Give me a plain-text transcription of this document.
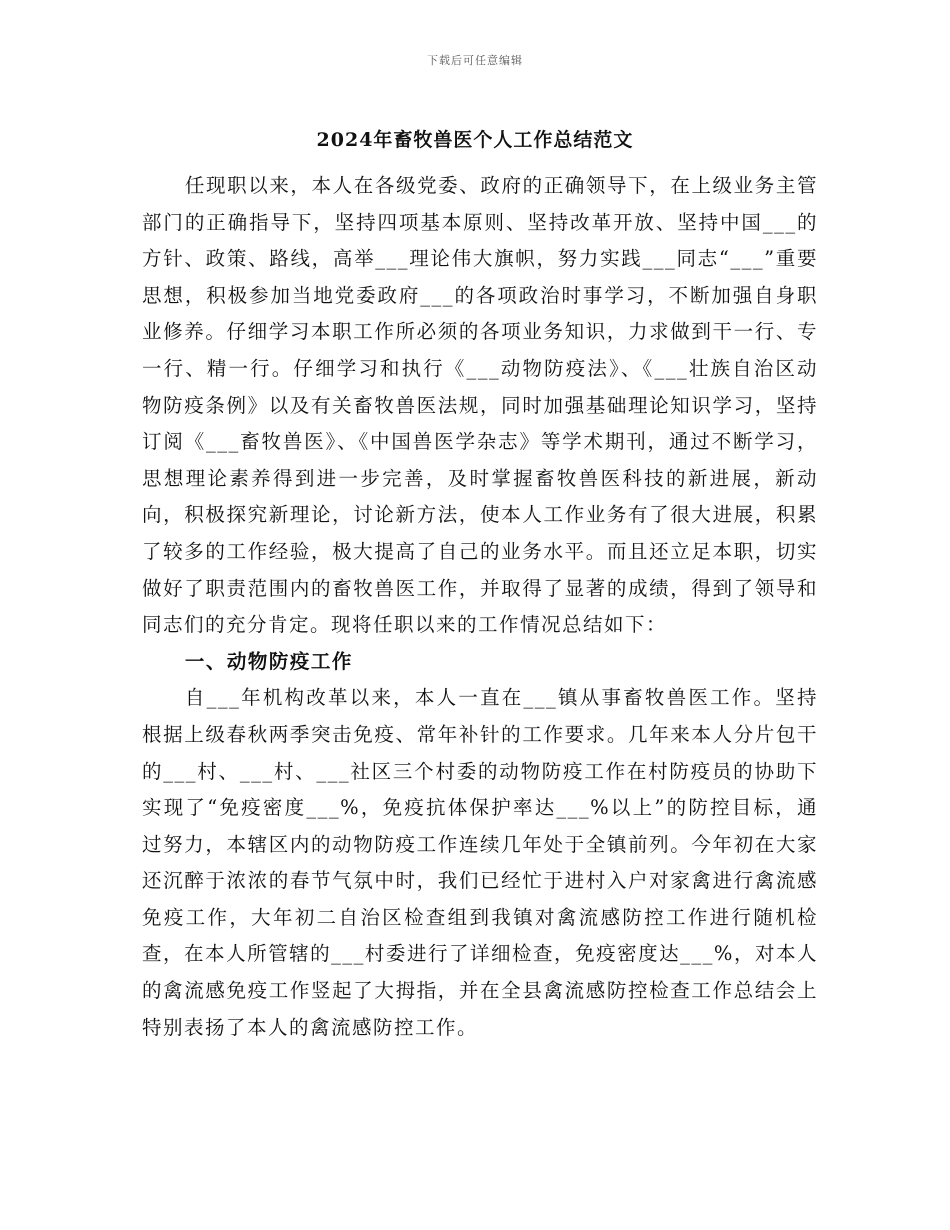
下载后可任意编辑
2024年畜牧兽医个人工作总结范文

任现职以来，本人在各级党委、政府的正确领导下，在上级业务主管部门的正确指导下，坚持四项基本原则、坚持改革开放、坚持中国___的方针、政策、路线，高举___理论伟大旗帜，努力实践___同志“___”重要思想，积极参加当地党委政府___的各项政治时事学习，不断加强自身职业修养。仔细学习本职工作所必须的各项业务知识，力求做到干一行、专一行、精一行。仔细学习和执行《___动物防疫法》、《___壮族自治区动物防疫条例》以及有关畜牧兽医法规，同时加强基础理论知识学习，坚持订阅《___畜牧兽医》、《中国兽医学杂志》等学术期刊，通过不断学习，思想理论素养得到进一步完善，及时掌握畜牧兽医科技的新进展，新动向，积极探究新理论，讨论新方法，使本人工作业务有了很大进展，积累了较多的工作经验，极大提高了自己的业务水平。而且还立足本职，切实做好了职责范围内的畜牧兽医工作，并取得了显著的成绩，得到了领导和同志们的充分肯定。现将任职以来的工作情况总结如下：

一、动物防疫工作

自___年机构改革以来，本人一直在___镇从事畜牧兽医工作。坚持根据上级春秋两季突击免疫、常年补针的工作要求。几年来本人分片包干的___村、___村、___社区三个村委的动物防疫工作在村防疫员的协助下实现了“免疫密度___%，免疫抗体保护率达___%以上”的防控目标，通过努力，本辖区内的动物防疫工作连续几年处于全镇前列。今年初在大家还沉醉于浓浓的春节气氛中时，我们已经忙于进村入户对家禽进行禽流感免疫工作，大年初二自治区检查组到我镇对禽流感防控工作进行随机检查，在本人所管辖的___村委进行了详细检查，免疫密度达___%，对本人的禽流感免疫工作竖起了大拇指，并在全县禽流感防控检查工作总结会上特别表扬了本人的禽流感防控工作。
